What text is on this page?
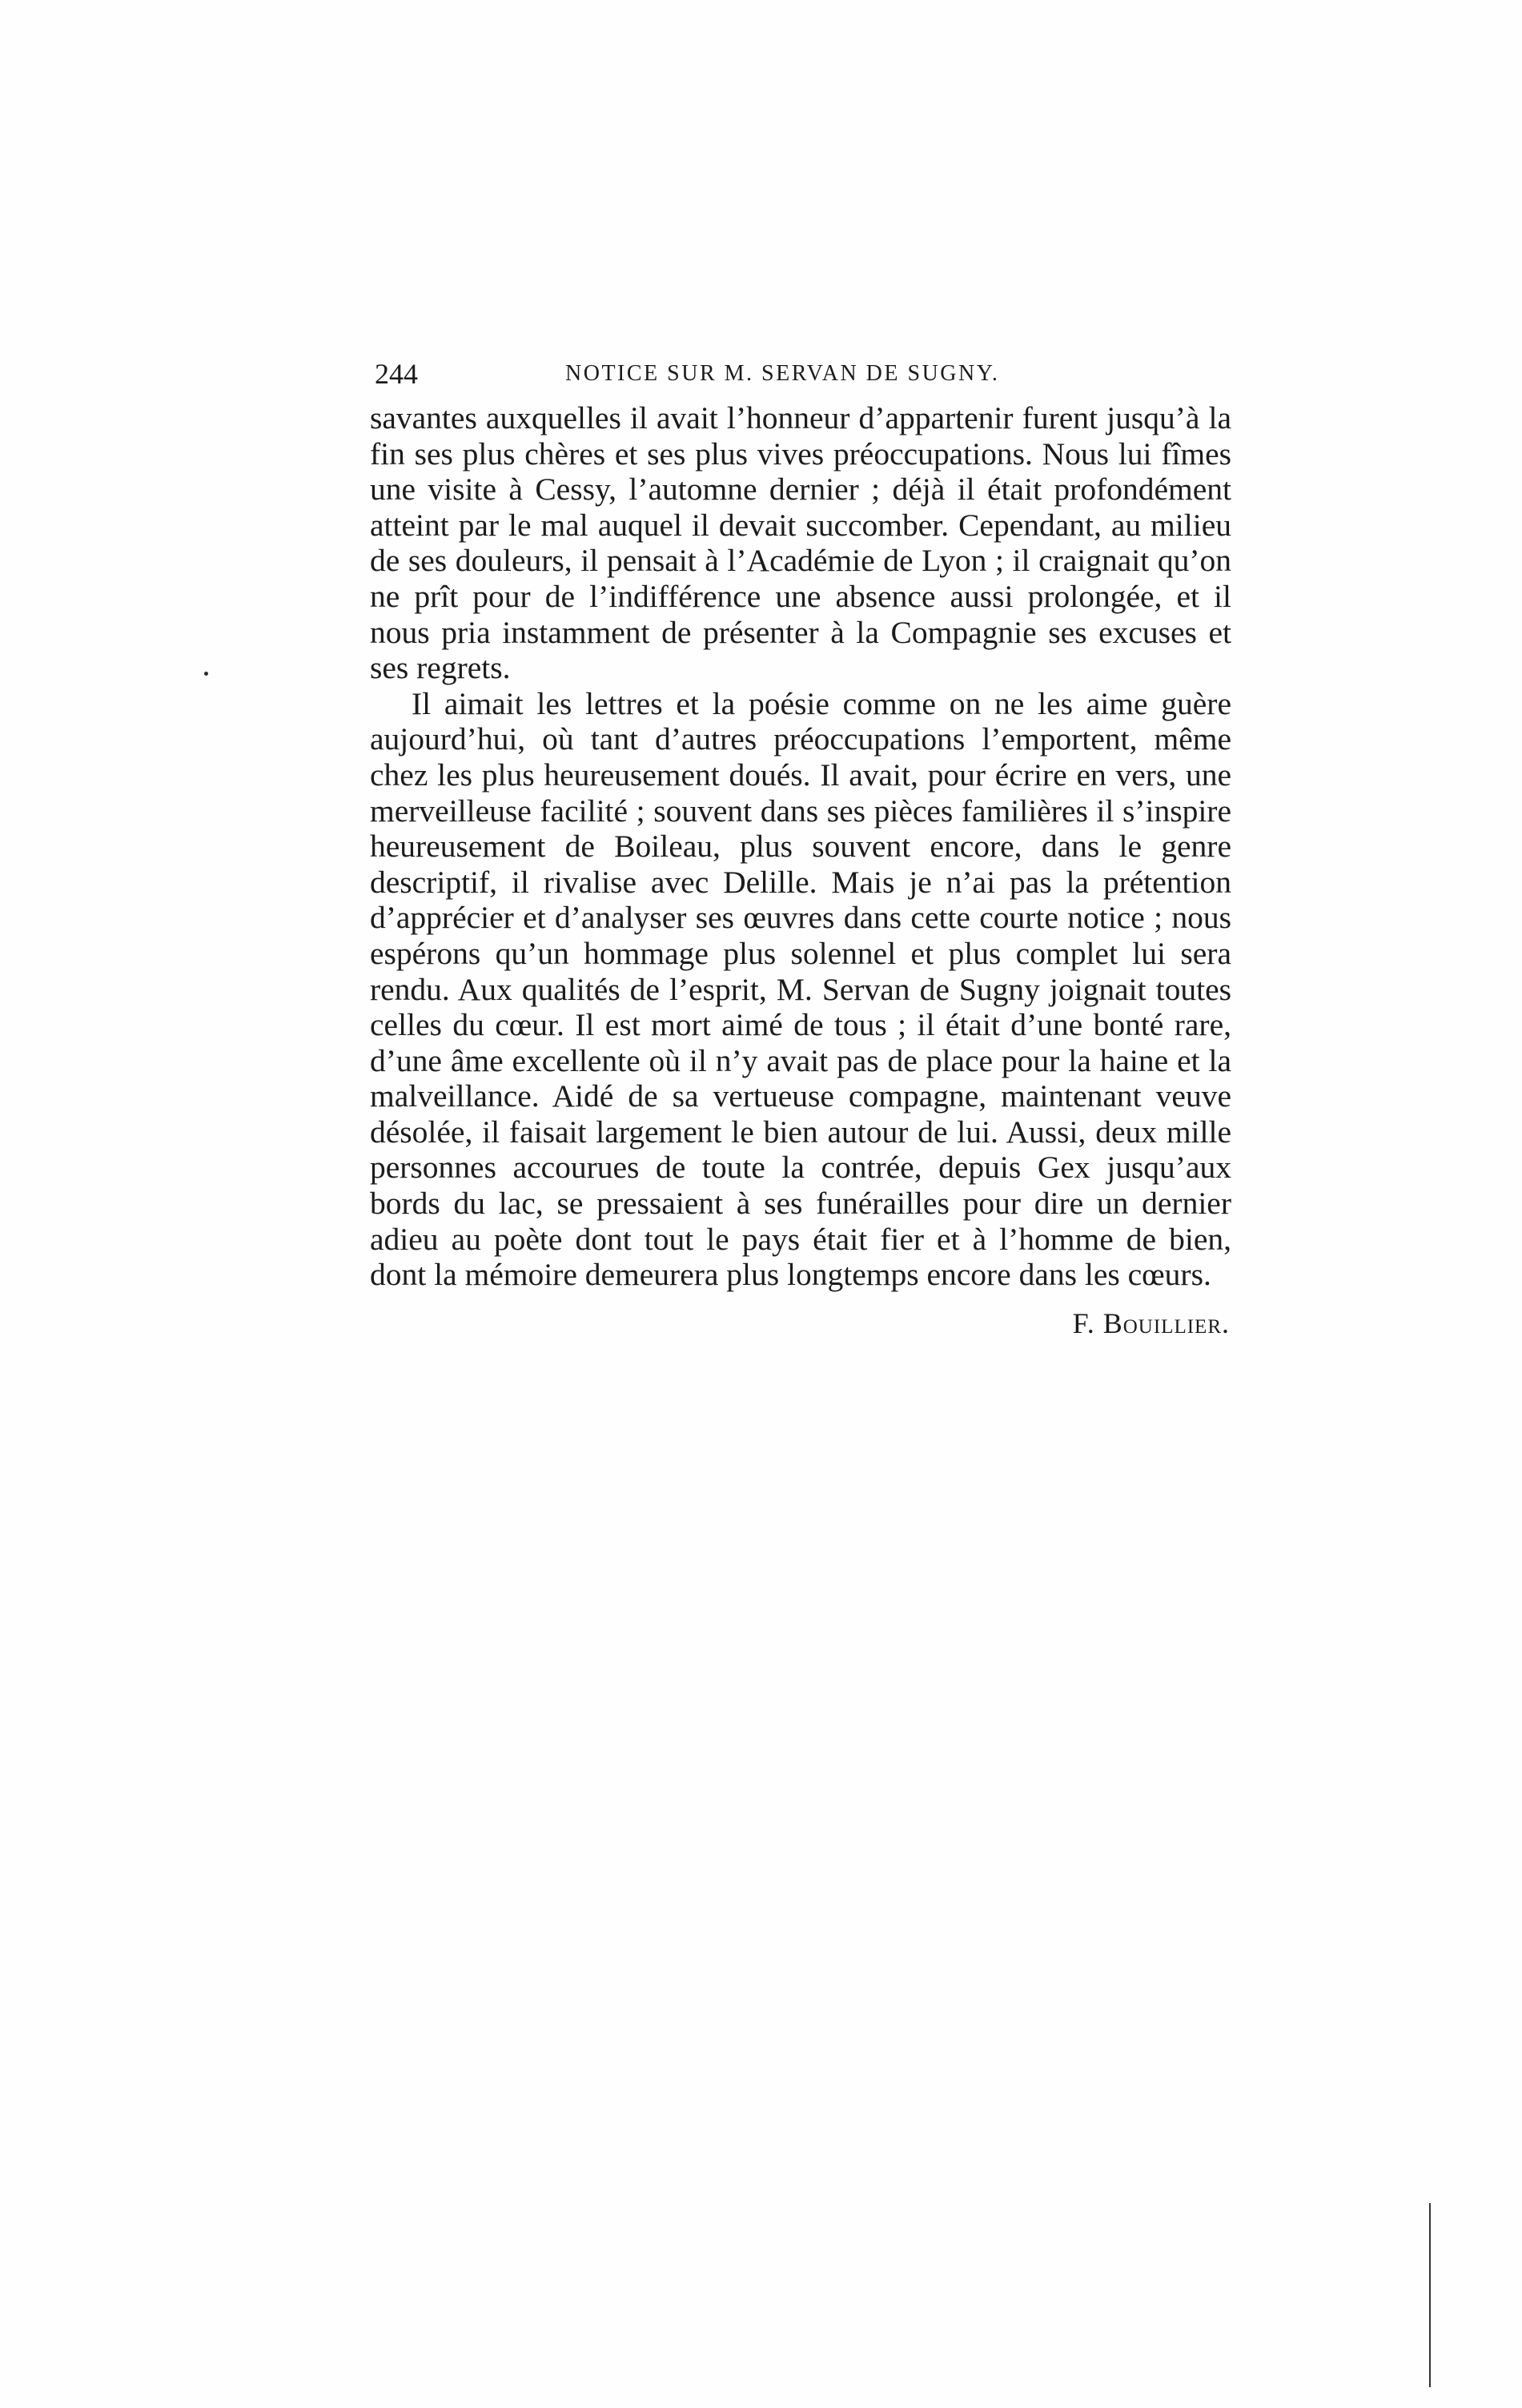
244	NOTICE SUR M. SERVAN DE SUGNY.

savantes auxquelles il avait l’honneur d’appartenir furent jusqu’à la fin ses plus chères et ses plus vives préoccupations. Nous lui fîmes une visite à Cessy, l’automne dernier ; déjà il était profondément atteint par le mal auquel il devait succomber. Cependant, au milieu de ses douleurs, il pensait à l’Académie de Lyon ; il craignait qu’on ne prît pour de l’indifférence une absence aussi prolongée, et il nous pria instamment de présenter à la Compagnie ses excuses et ses regrets.

Il aimait les lettres et la poésie comme on ne les aime guère aujourd’hui, où tant d’autres préoccupations l’emportent, même chez les plus heureusement doués. Il avait, pour écrire en vers, une merveilleuse facilité ; souvent dans ses pièces familières il s’inspire heureusement de Boileau, plus souvent encore, dans le genre descriptif, il rivalise avec Delille. Mais je n’ai pas la prétention d’apprécier et d’analyser ses œuvres dans cette courte notice ; nous espérons qu’un hommage plus solennel et plus complet lui sera rendu. Aux qualités de l’esprit, M. Servan de Sugny joignait toutes celles du cœur. Il est mort aimé de tous ; il était d’une bonté rare, d’une âme excellente où il n’y avait pas de place pour la haine et la malveillance. Aidé de sa vertueuse compagne, maintenant veuve désolée, il faisait largement le bien autour de lui. Aussi, deux mille personnes accourues de toute la contrée, depuis Gex jusqu’aux bords du lac, se pressaient à ses funérailles pour dire un dernier adieu au poète dont tout le pays était fier et à l’homme de bien, dont la mémoire demeurera plus longtemps encore dans les cœurs.

F. Bouillier.
